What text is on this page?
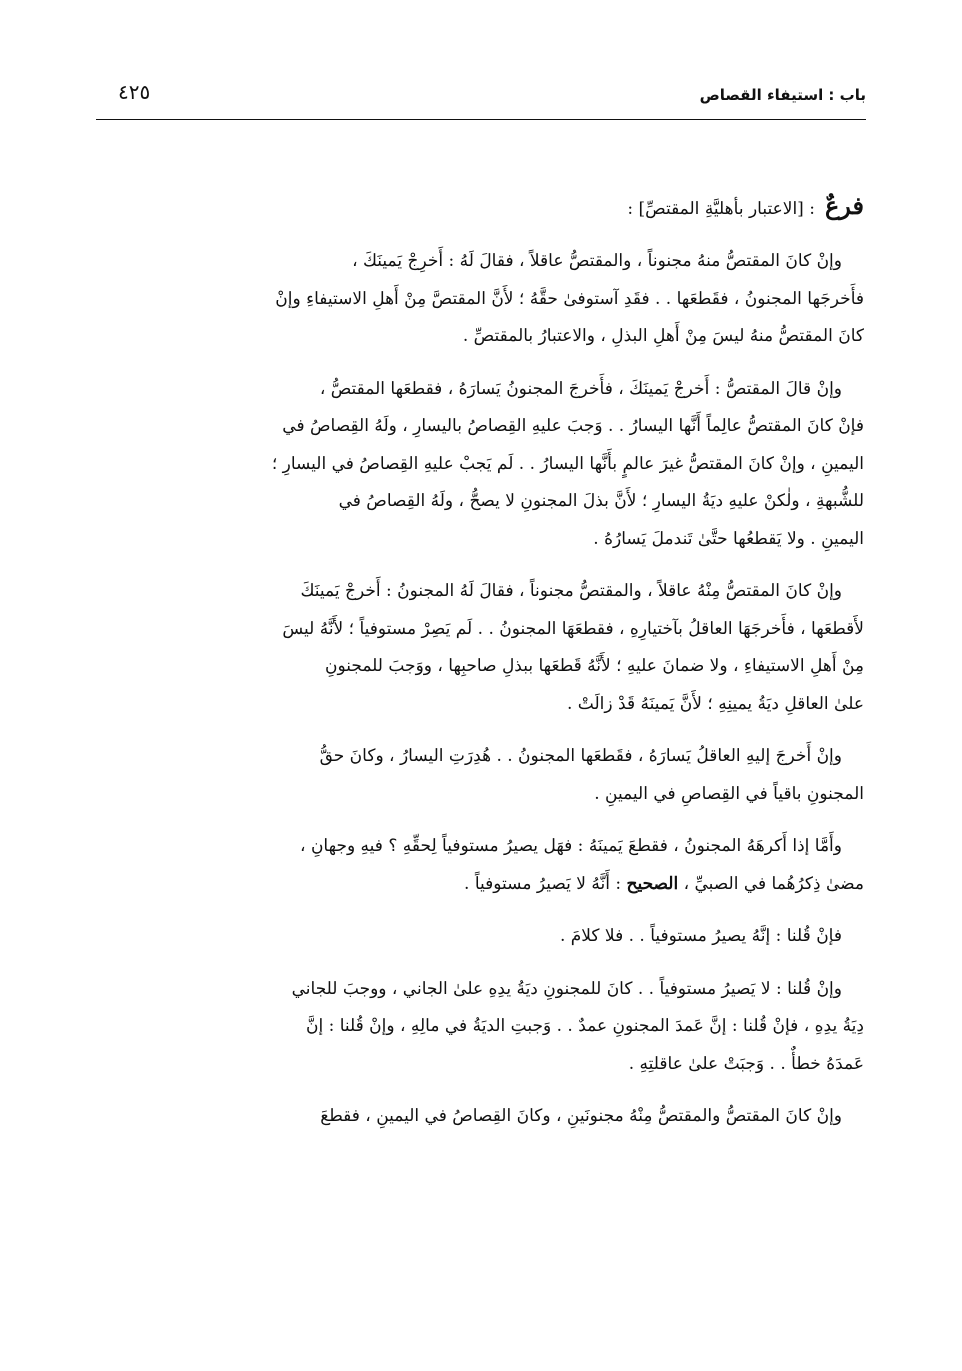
باب : استيفاء القصاص
٤٢٥
فرعٌ: [الاعتبار بأهليَّةِ المقتصِّ] :
وإنْ كانَ المقتصُّ منهُ مجنوناً ، والمقتصُّ عاقلاً ، فقالَ لَهُ : أَخرِجْ يَمينَكَ ،
فأَخرجَها المجنونُ ، فقَطعَها . . فقَدِ آستوفىٰ حقَّهُ ؛ لأَنَّ المقتصَّ مِنْ أَهلِ الاستيفاءِ وإنْ
كانَ المقتصُّ منهُ ليسَ مِنْ أَهلِ البذلِ ، والاعتبارُ بالمقتصِّ .
وإنْ قالَ المقتصُّ : أَخرجْ يَمينَكَ ، فأَخرجَ المجنونُ يَسارَهُ ، فقطعَها المقتصُّ ،
فإنْ كانَ المقتصُّ عالِماً أَنَّها اليسارُ . . وَجبَ عليهِ القِصاصُ باليسارِ ، ولَهُ القِصاصُ في
اليمينِ ، وإنْ كانَ المقتصُّ غيرَ عالمٍ بأَنَّها اليسارُ . . لَم يَجبْ عليهِ القِصاصُ في اليسارِ ؛
للشُّبهةِ ، ولٰكنْ عليهِ ديَةُ اليسارِ ؛ لأَنَّ بذلَ المجنونِ لا يصحُّ ، ولَهُ القِصاصُ في
اليمينِ . ولا يَقطعُها حتَّىٰ تَندملَ يَسارُهُ .
وإنْ كانَ المقتصُّ مِنْهُ عاقلاً ، والمقتصُّ مجنوناً ، فقالَ لَهُ المجنونُ : أَخرجْ يَمينَكَ
لأَقطعَها ، فأَخرجَهَا العاقلُ بآختيارِهِ ، فقطعَهَا المجنونُ . . لَم يَصِرْ مستوفياً ؛ لأَنَّهُ ليسَ
مِنْ أَهلِ الاستيفاءِ ، ولا ضمانَ عليهِ ؛ لأَنَّهُ قَطعَها ببذلِ صاحبِها ، ووَجبَ للمجنونِ
علىٰ العاقلِ ديَةُ يمينِهِ ؛ لأَنَّ يَمينَهُ قَدْ زالَتْ .
وإنْ أَخرجَ إليهِ العاقلُ يَسارَهُ ، فقَطعَها المجنونُ . . هُدِرَتِ اليسارُ ، وكانَ حقُّ
المجنونِ باقياً في القِصاصِ في اليمينِ .
وأَمَّا إذا أَكرهَهُ المجنونُ ، فقطعَ يَمينَهُ : فهَل يصيرُ مستوفياً لِحقِّهِ ؟ فيهِ وجهانِ ،
مضىٰ ذِكرُهُما في الصبيِّ ، الصحيح : أَنَّهُ لا يَصيرُ مستوفياً .
فإنْ قُلنا : إنَّهُ يصيرُ مستوفياً . . فلا كلامَ .
وإنْ قُلنا : لا يَصيرُ مستوفياً . . كانَ للمجنونِ ديَةُ يدِهِ علىٰ الجاني ، ووجبَ للجاني
دِيَةُ يدِهِ ، فإنْ قُلنا : إنَّ عَمدَ المجنونِ عمدٌ . . وَجبتِ الديَةُ في مالِهِ ، وإنْ قُلنا : إنَّ
عَمدَهُ خطأٌ . . وَجبَتْ علىٰ عاقلتِهِ .
وإنْ كانَ المقتصُّ والمقتصُّ مِنْهُ مجنونَينِ ، وكانَ القِصاصُ في اليمينِ ، فقطعَ
